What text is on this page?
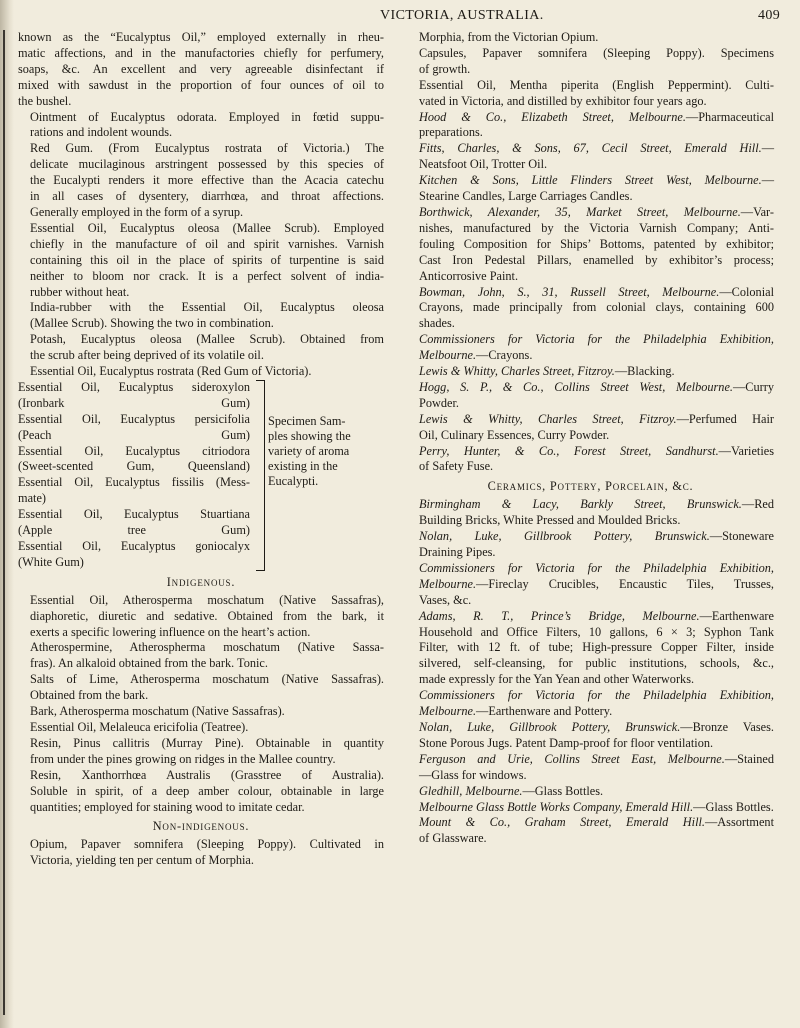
VICTORIA, AUSTRALIA.	409

known as the “Eucalyptus Oil,” employed externally in rheu-
matic affections, and in the manufactories chiefly for perfumery,
soaps, &c. An excellent and very agreeable disinfectant if
mixed with sawdust in the proportion of four ounces of oil to
the bushel.

Ointment of Eucalyptus odorata. Employed in fœtid suppu-
rations and indolent wounds.

Red Gum. (From Eucalyptus rostrata of Victoria.) The
delicate mucilaginous arstringent possessed by this species of
the Eucalypti renders it more effective than the Acacia catechu
in all cases of dysentery, diarrhœa, and throat affections.
Generally employed in the form of a syrup.

Essential Oil, Eucalyptus oleosa (Mallee Scrub). Employed
chiefly in the manufacture of oil and spirit varnishes. Varnish
containing this oil in the place of spirits of turpentine is said
neither to bloom nor crack. It is a perfect solvent of india-
rubber without heat.

India-rubber with the Essential Oil, Eucalyptus oleosa
(Mallee Scrub). Showing the two in combination.

Potash, Eucalyptus oleosa (Mallee Scrub). Obtained from
the scrub after being deprived of its volatile oil.

Essential Oil, Eucalyptus rostrata (Red Gum of Victoria).

Essential Oil, Eucalyptus sideroxylon
(Ironbark Gum)
Essential Oil, Eucalyptus persicifolia
(Peach Gum)
Essential Oil, Eucalyptus citriodora
(Sweet-scented Gum, Queensland)
Essential Oil, Eucalyptus fissilis (Mess-
mate)
Essential Oil, Eucalyptus Stuartiana
(Apple tree Gum)
Essential Oil, Eucalyptus goniocalyx
(White Gum)
Specimen Sam-
ples showing the
variety of aroma
existing in the
Eucalypti.
Indigenous.

Essential Oil, Atherosperma moschatum (Native Sassafras),
diaphoretic, diuretic and sedative. Obtained from the bark, it
exerts a specific lowering influence on the heart’s action.

Atherospermine, Atherospherma moschatum (Native Sassa-
fras). An alkaloid obtained from the bark. Tonic.

Salts of Lime, Atherosperma moschatum (Native Sassafras).
Obtained from the bark.

Bark, Atherosperma moschatum (Native Sassafras).

Essential Oil, Melaleuca ericifolia (Teatree).

Resin, Pinus callitris (Murray Pine). Obtainable in quantity
from under the pines growing on ridges in the Mallee country.

Resin, Xanthorrhœa Australis (Grasstree of Australia).
Soluble in spirit, of a deep amber colour, obtainable in large
quantities; employed for staining wood to imitate cedar.

Non-indigenous.

Opium, Papaver somnifera (Sleeping Poppy). Cultivated in
Victoria, yielding ten per centum of Morphia.

Morphia, from the Victorian Opium.

Capsules, Papaver somnifera (Sleeping Poppy). Specimens
of growth.

Essential Oil, Mentha piperita (English Peppermint). Culti-
vated in Victoria, and distilled by exhibitor four years ago.

Hood & Co., Elizabeth Street, Melbourne.—Pharmaceutical
preparations.

Fitts, Charles, & Sons, 67, Cecil Street, Emerald Hill.—
Neatsfoot Oil, Trotter Oil.

Kitchen & Sons, Little Flinders Street West, Melbourne.—
Stearine Candles, Large Carriages Candles.

Borthwick, Alexander, 35, Market Street, Melbourne.—Var-
nishes, manufactured by the Victoria Varnish Company; Anti-
fouling Composition for Ships’ Bottoms, patented by exhibitor;
Cast Iron Pedestal Pillars, enamelled by exhibitor’s process;
Anticorrosive Paint.

Bowman, John, S., 31, Russell Street, Melbourne.—Colonial
Crayons, made principally from colonial clays, containing 600
shades.

Commissioners for Victoria for the Philadelphia Exhibition,
Melbourne.—Crayons.

Lewis & Whitty, Charles Street, Fitzroy.—Blacking.

Hogg, S. P., & Co., Collins Street West, Melbourne.—Curry
Powder.

Lewis & Whitty, Charles Street, Fitzroy.—Perfumed Hair
Oil, Culinary Essences, Curry Powder.

Perry, Hunter, & Co., Forest Street, Sandhurst.—Varieties
of Safety Fuse.

Ceramics, Pottery, Porcelain, &c.

Birmingham & Lacy, Barkly Street, Brunswick.—Red
Building Bricks, White Pressed and Moulded Bricks.

Nolan, Luke, Gillbrook Pottery, Brunswick.—Stoneware
Draining Pipes.

Commissioners for Victoria for the Philadelphia Exhibition,
Melbourne.—Fireclay Crucibles, Encaustic Tiles, Trusses,
Vases, &c.

Adams, R. T., Prince’s Bridge, Melbourne.—Earthenware
Household and Office Filters, 10 gallons, 6 × 3; Syphon Tank
Filter, with 12 ft. of tube; High-pressure Copper Filter, inside
silvered, self-cleansing, for public institutions, schools, &c.,
made expressly for the Yan Yean and other Waterworks.

Commissioners for Victoria for the Philadelphia Exhibition,
Melbourne.—Earthenware and Pottery.

Nolan, Luke, Gillbrook Pottery, Brunswick.—Bronze Vases.
Stone Porous Jugs. Patent Damp-proof for floor ventilation.

Ferguson and Urie, Collins Street East, Melbourne.—Stained
—Glass for windows.

Gledhill, Melbourne.—Glass Bottles.

Melbourne Glass Bottle Works Company, Emerald Hill.—Glass Bottles.

Mount & Co., Graham Street, Emerald Hill.—Assortment
of Glassware.
